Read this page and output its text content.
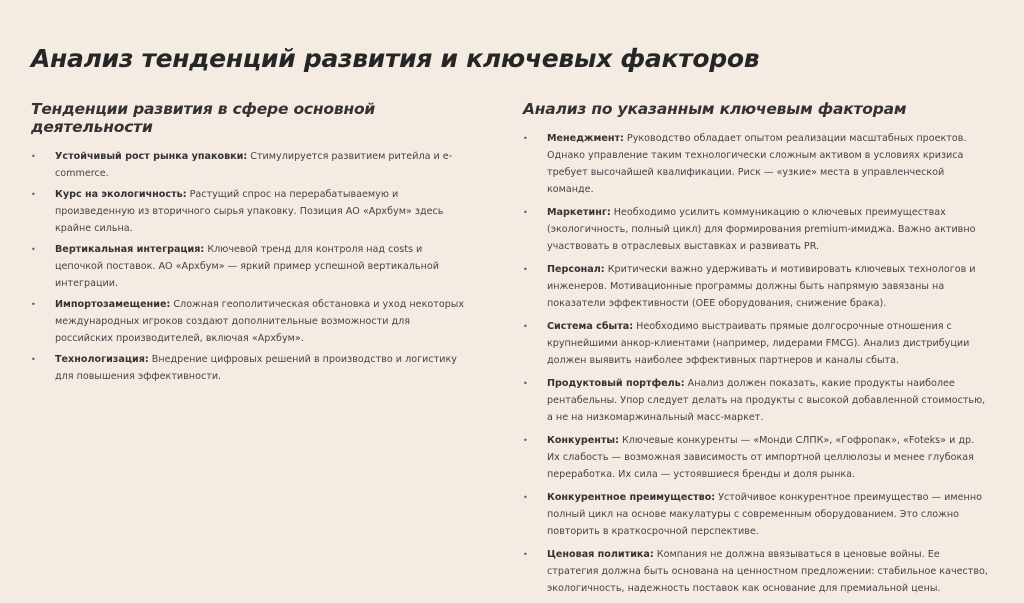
Анализ тенденций развития и ключевых факторов
Тенденции развития в сфере основной деятельности
• Устойчивый рост рынка упаковки: Стимулируется развитием ритейла и e-commerce.
• Курс на экологичность: Растущий спрос на перерабатываемую и произведенную из вторичного сырья упаковку. Позиция АО «Архбум» здесь крайне сильна.
• Вертикальная интеграция: Ключевой тренд для контроля над costs и цепочкой поставок. АО «Архбум» — яркий пример успешной вертикальной интеграции.
• Импортозамещение: Сложная геополитическая обстановка и уход некоторых международных игроков создают дополнительные возможности для российских производителей, включая «Архбум».
• Технологизация: Внедрение цифровых решений в производство и логистику для повышения эффективности.
Анализ по указанным ключевым факторам
• Менеджмент: Руководство обладает опытом реализации масштабных проектов. Однако управление таким технологически сложным активом в условиях кризиса требует высочайшей квалификации. Риск — «узкие» места в управленческой команде.
• Маркетинг: Необходимо усилить коммуникацию о ключевых преимуществах (экологичность, полный цикл) для формирования premium-имиджа. Важно активно участвовать в отраслевых выставках и развивать PR.
• Персонал: Критически важно удерживать и мотивировать ключевых технологов и инженеров. Мотивационные программы должны быть напрямую завязаны на показатели эффективности (OEE оборудования, снижение брака).
• Система сбыта: Необходимо выстраивать прямые долгосрочные отношения с крупнейшими анкор-клиентами (например, лидерами FMCG). Анализ дистрибуции должен выявить наиболее эффективных партнеров и каналы сбыта.
• Продуктовый портфель: Анализ должен показать, какие продукты наиболее рентабельны. Упор следует делать на продукты с высокой добавленной стоимостью, а не на низкомаржинальный масс-маркет.
• Конкуренты: Ключевые конкуренты — «Монди СЛПК», «Гофропак», «Foteks» и др. Их слабость — возможная зависимость от импортной целлюлозы и менее глубокая переработка. Их сила — устоявшиеся бренды и доля рынка.
• Конкурентное преимущество: Устойчивое конкурентное преимущество — именно полный цикл на основе макулатуры с современным оборудованием. Это сложно повторить в краткосрочной перспективе.
• Ценовая политика: Компания не должна ввязываться в ценовые войны. Ее стратегия должна быть основана на ценностном предложении: стабильное качество, экологичность, надежность поставок как основание для премиальной цены.
